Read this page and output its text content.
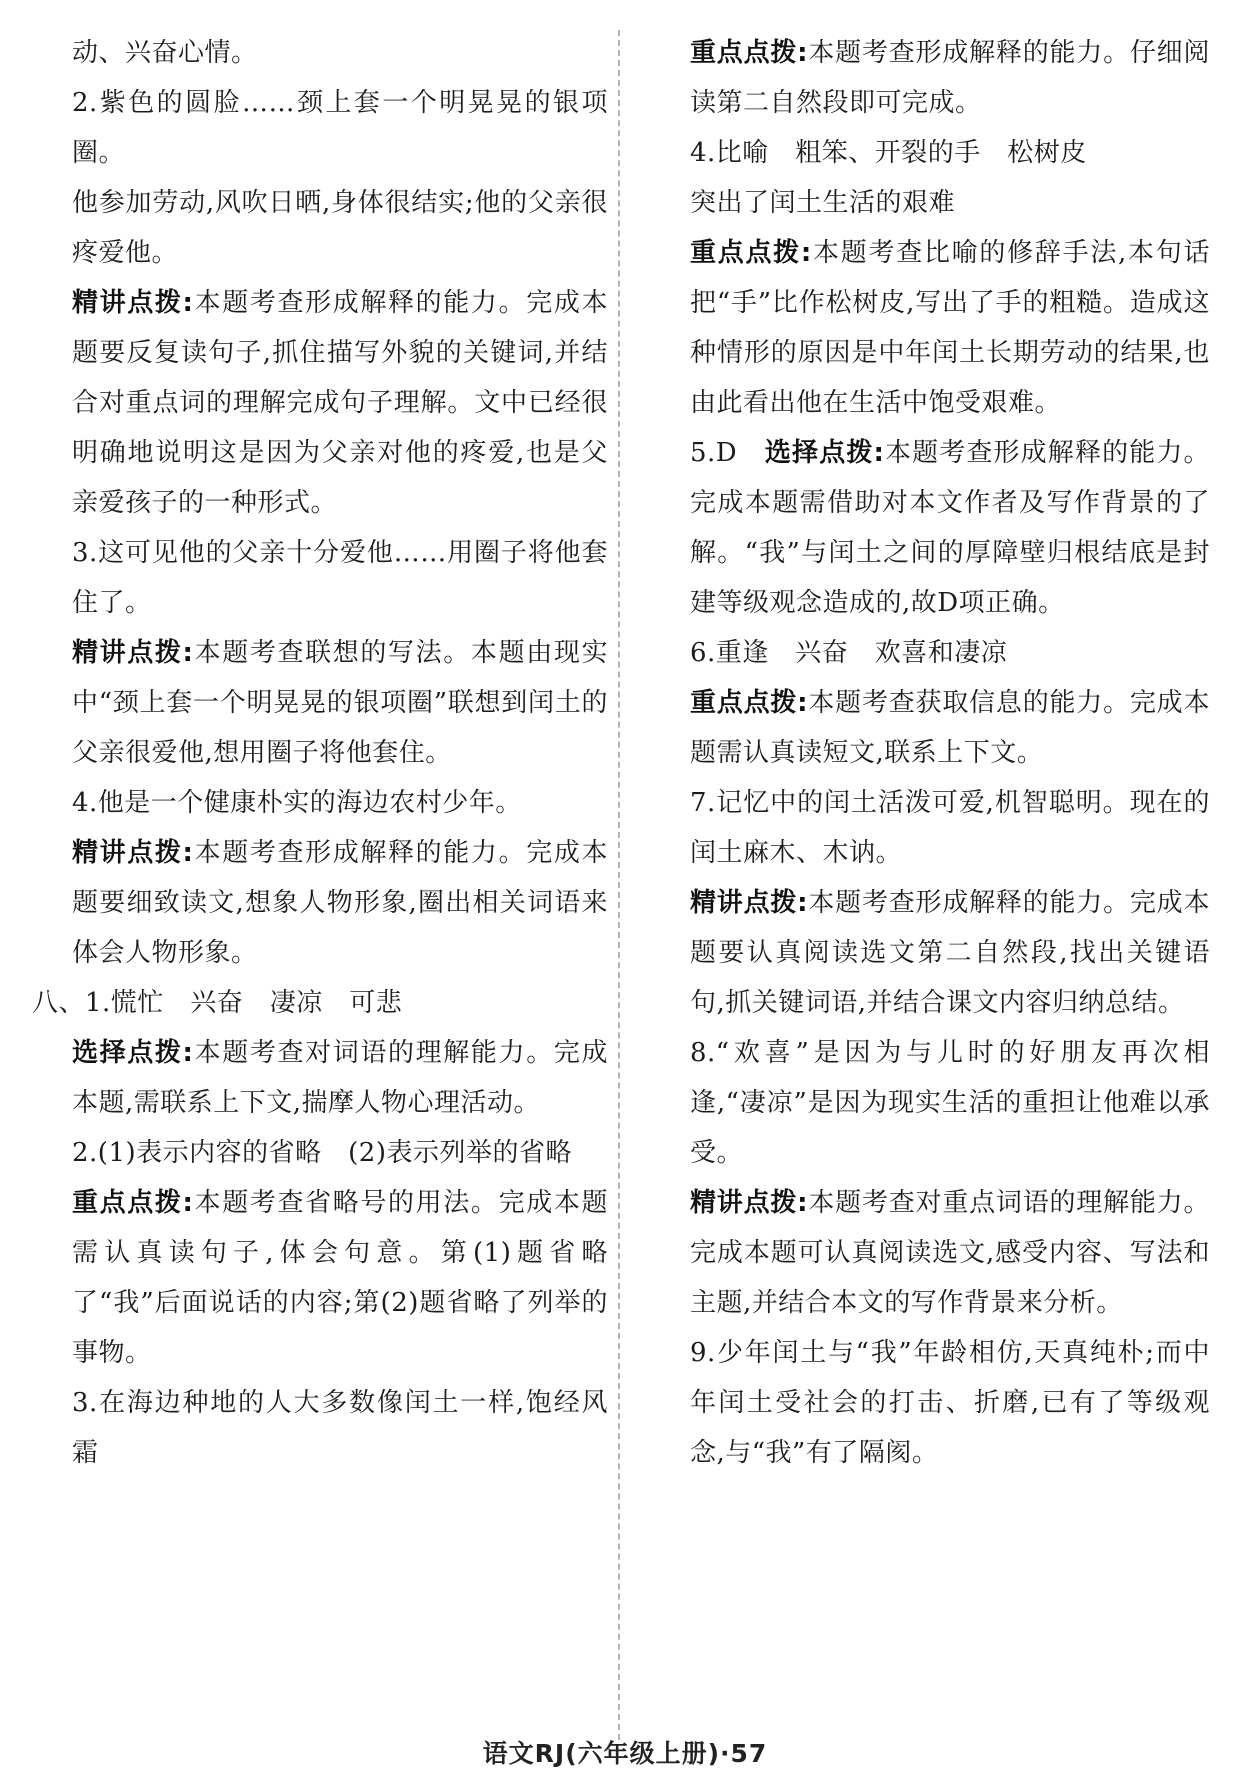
动、兴奋心情。

2.紫色的圆脸……颈上套一个明晃晃的银项圈。

他参加劳动,风吹日晒,身体很结实;他的父亲很疼爱他。

精讲点拨:本题考查形成解释的能力。完成本题要反复读句子,抓住描写外貌的关键词,并结合对重点词的理解完成句子理解。文中已经很明确地说明这是因为父亲对他的疼爱,也是父亲爱孩子的一种形式。

3.这可见他的父亲十分爱他……用圈子将他套住了。

精讲点拨:本题考查联想的写法。本题由现实中“颈上套一个明晃晃的银项圈”联想到闰土的父亲很爱他,想用圈子将他套住。

4.他是一个健康朴实的海边农村少年。

精讲点拨:本题考查形成解释的能力。完成本题要细致读文,想象人物形象,圈出相关词语来体会人物形象。

八、1.慌忙　兴奋　凄凉　可悲

选择点拨:本题考查对词语的理解能力。完成本题,需联系上下文,揣摩人物心理活动。

2.(1)表示内容的省略　(2)表示列举的省略

重点点拨:本题考查省略号的用法。完成本题需认真读句子,体会句意。第(1)题省略了“我”后面说话的内容;第(2)题省略了列举的事物。

3.在海边种地的人大多数像闰土一样,饱经风霜

重点点拨:本题考查形成解释的能力。仔细阅读第二自然段即可完成。

4.比喻　粗笨、开裂的手　松树皮

突出了闰土生活的艰难

重点点拨:本题考查比喻的修辞手法,本句话把“手”比作松树皮,写出了手的粗糙。造成这种情形的原因是中年闰土长期劳动的结果,也由此看出他在生活中饱受艰难。

5.D　选择点拨:本题考查形成解释的能力。完成本题需借助对本文作者及写作背景的了解。“我”与闰土之间的厚障壁归根结底是封建等级观念造成的,故D项正确。

6.重逢　兴奋　欢喜和凄凉

重点点拨:本题考查获取信息的能力。完成本题需认真读短文,联系上下文。

7.记忆中的闰土活泼可爱,机智聪明。现在的闰土麻木、木讷。

精讲点拨:本题考查形成解释的能力。完成本题要认真阅读选文第二自然段,找出关键语句,抓关键词语,并结合课文内容归纳总结。

8.“欢喜”是因为与儿时的好朋友再次相逢,“凄凉”是因为现实生活的重担让他难以承受。

精讲点拨:本题考查对重点词语的理解能力。完成本题可认真阅读选文,感受内容、写法和主题,并结合本文的写作背景来分析。

9.少年闰土与“我”年龄相仿,天真纯朴;而中年闰土受社会的打击、折磨,已有了等级观念,与“我”有了隔阂。

语文RJ(六年级上册)·57
